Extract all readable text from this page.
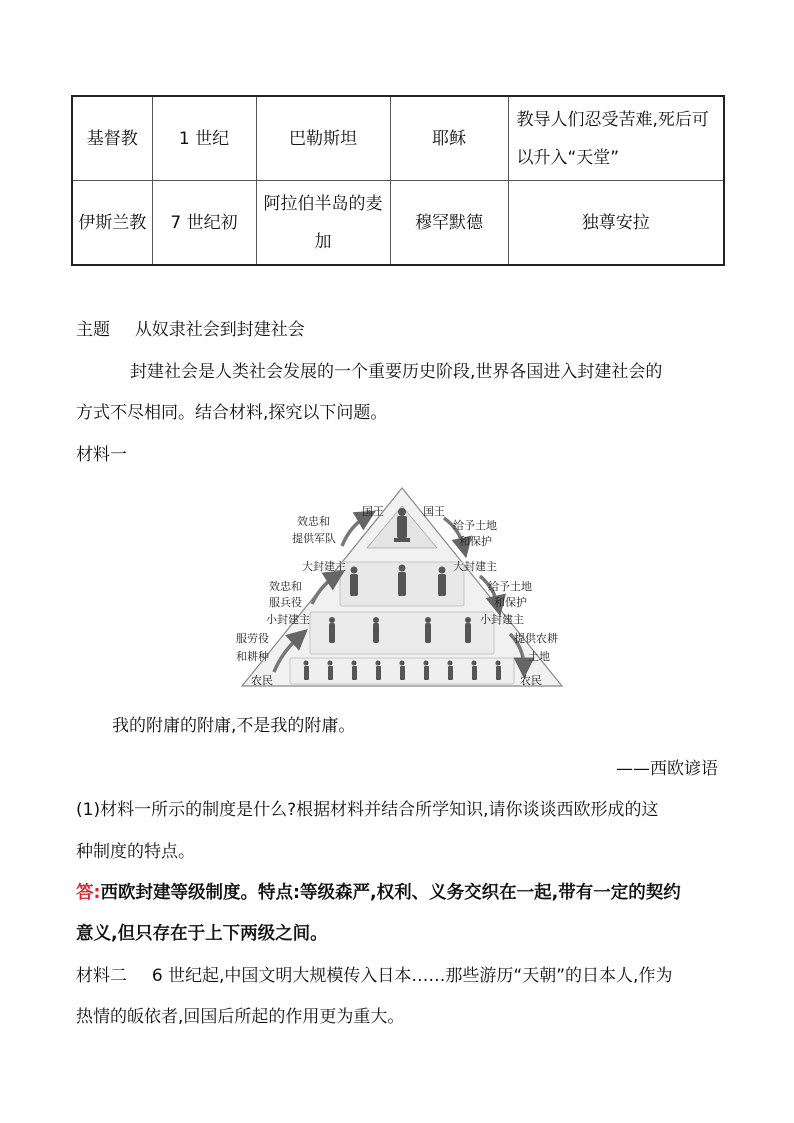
基督教	1 世纪	巴勒斯坦	耶稣	教导人们忍受苦难,死后可以升入“天堂”
伊斯兰教	7 世纪初	阿拉伯半岛的麦加	穆罕默德	独尊安拉
主题 从奴隶社会到封建社会
封建社会是人类社会发展的一个重要历史阶段,世界各国进入封建社会的
方式不尽相同。结合材料,探究以下问题。
材料一
国王	国王
效忠和
提供军队
给予土地
和保护
大封建主	大封建主
效忠和
服兵役
给予土地
和保护
小封建主	小封建主
服劳役
和耕种
提供农耕
土地
农民	农民
我的附庸的附庸,不是我的附庸。
——西欧谚语
(1)材料一所示的制度是什么?根据材料并结合所学知识,请你谈谈西欧形成的这
种制度的特点。
答:西欧封建等级制度。特点:等级森严,权利、义务交织在一起,带有一定的契约
意义,但只存在于上下两级之间。
材料二 6 世纪起,中国文明大规模传入日本……那些游历“天朝”的日本人,作为
热情的皈依者,回国后所起的作用更为重大。
